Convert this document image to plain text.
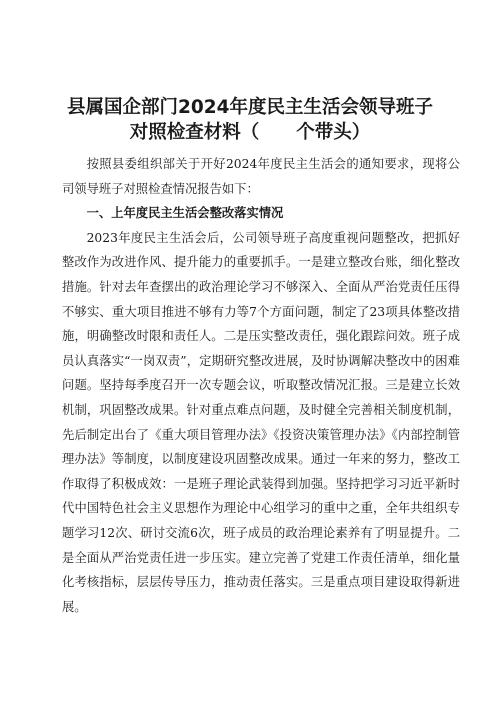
县属国企部门2024年度民主生活会领导班子
对照检查材料（　　个带头）

按照县委组织部关于开好2024年度民主生活会的通知要求，现将公司领导班子对照检查情况报告如下：

一、上年度民主生活会整改落实情况

2023年度民主生活会后，公司领导班子高度重视问题整改，把抓好整改作为改进作风、提升能力的重要抓手。一是建立整改台账，细化整改措施。针对去年查摆出的政治理论学习不够深入、全面从严治党责任压得不够实、重大项目推进不够有力等7个方面问题，制定了23项具体整改措施，明确整改时限和责任人。二是压实整改责任，强化跟踪问效。班子成员认真落实“一岗双责”，定期研究整改进展，及时协调解决整改中的困难问题。坚持每季度召开一次专题会议，听取整改情况汇报。三是建立长效机制，巩固整改成果。针对重点难点问题，及时健全完善相关制度机制，先后制定出台了《重大项目管理办法》《投资决策管理办法》《内部控制管理办法》等制度，以制度建设巩固整改成果。通过一年来的努力，整改工作取得了积极成效：一是班子理论武装得到加强。坚持把学习习近平新时代中国特色社会主义思想作为理论中心组学习的重中之重，全年共组织专题学习12次、研讨交流6次，班子成员的政治理论素养有了明显提升。二是全面从严治党责任进一步压实。建立完善了党建工作责任清单，细化量化考核指标，层层传导压力，推动责任落实。三是重点项目建设取得新进展。
